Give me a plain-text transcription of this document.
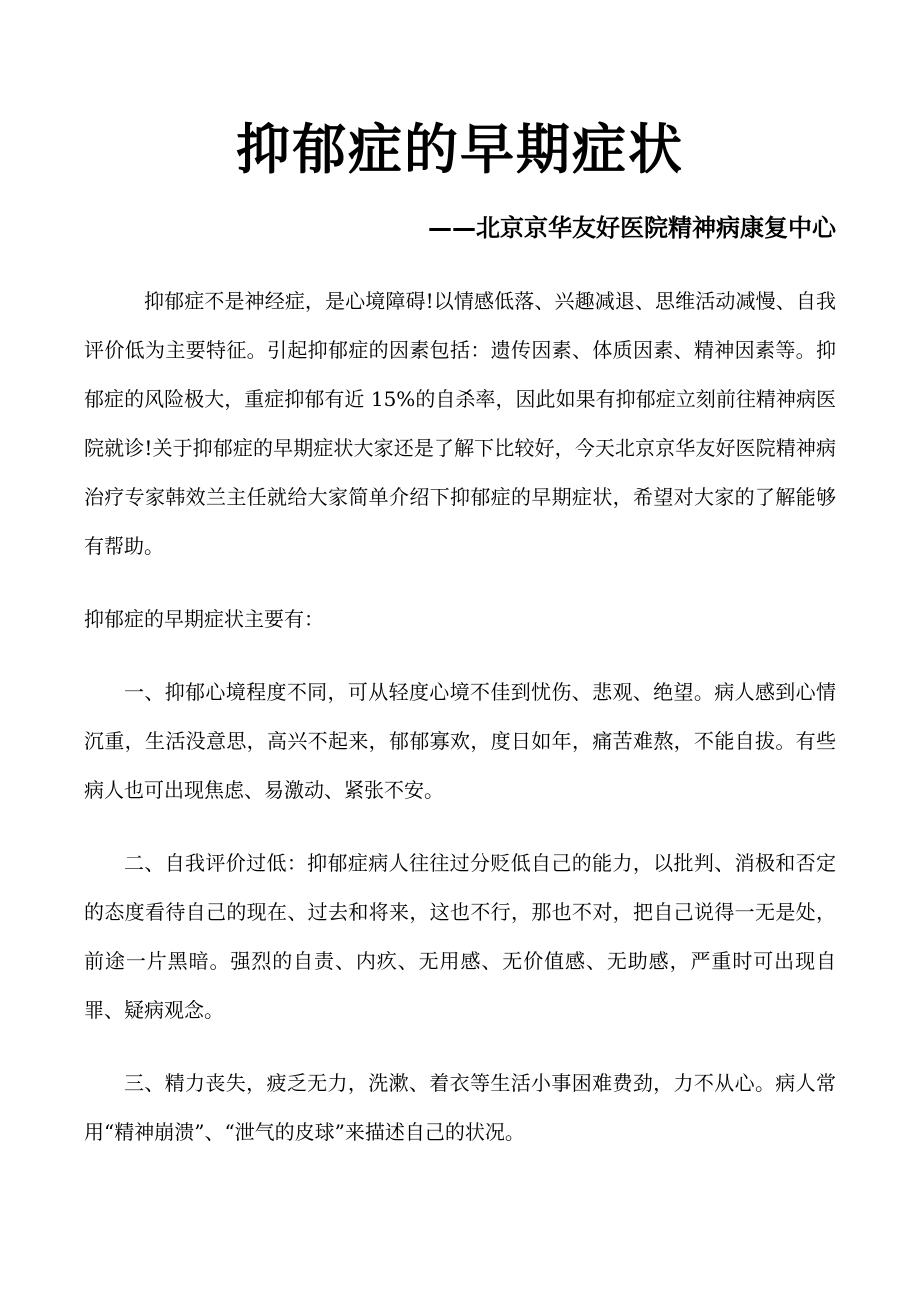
抑郁症的早期症状
——北京京华友好医院精神病康复中心

抑郁症不是神经症，是心境障碍!以情感低落、兴趣减退、思维活动减慢、自我评价低为主要特征。引起抑郁症的因素包括：遗传因素、体质因素、精神因素等。抑郁症的风险极大，重症抑郁有近 15%的自杀率，因此如果有抑郁症立刻前往精神病医院就诊!关于抑郁症的早期症状大家还是了解下比较好，今天北京京华友好医院精神病治疗专家韩效兰主任就给大家简单介绍下抑郁症的早期症状，希望对大家的了解能够有帮助。

抑郁症的早期症状主要有：

一、抑郁心境程度不同，可从轻度心境不佳到忧伤、悲观、绝望。病人感到心情沉重，生活没意思，高兴不起来，郁郁寡欢，度日如年，痛苦难熬，不能自拔。有些病人也可出现焦虑、易激动、紧张不安。

二、自我评价过低：抑郁症病人往往过分贬低自己的能力，以批判、消极和否定的态度看待自己的现在、过去和将来，这也不行，那也不对，把自己说得一无是处，前途一片黑暗。强烈的自责、内疚、无用感、无价值感、无助感，严重时可出现自罪、疑病观念。

三、精力丧失，疲乏无力，洗漱、着衣等生活小事困难费劲，力不从心。病人常用“精神崩溃”、“泄气的皮球”来描述自己的状况。
